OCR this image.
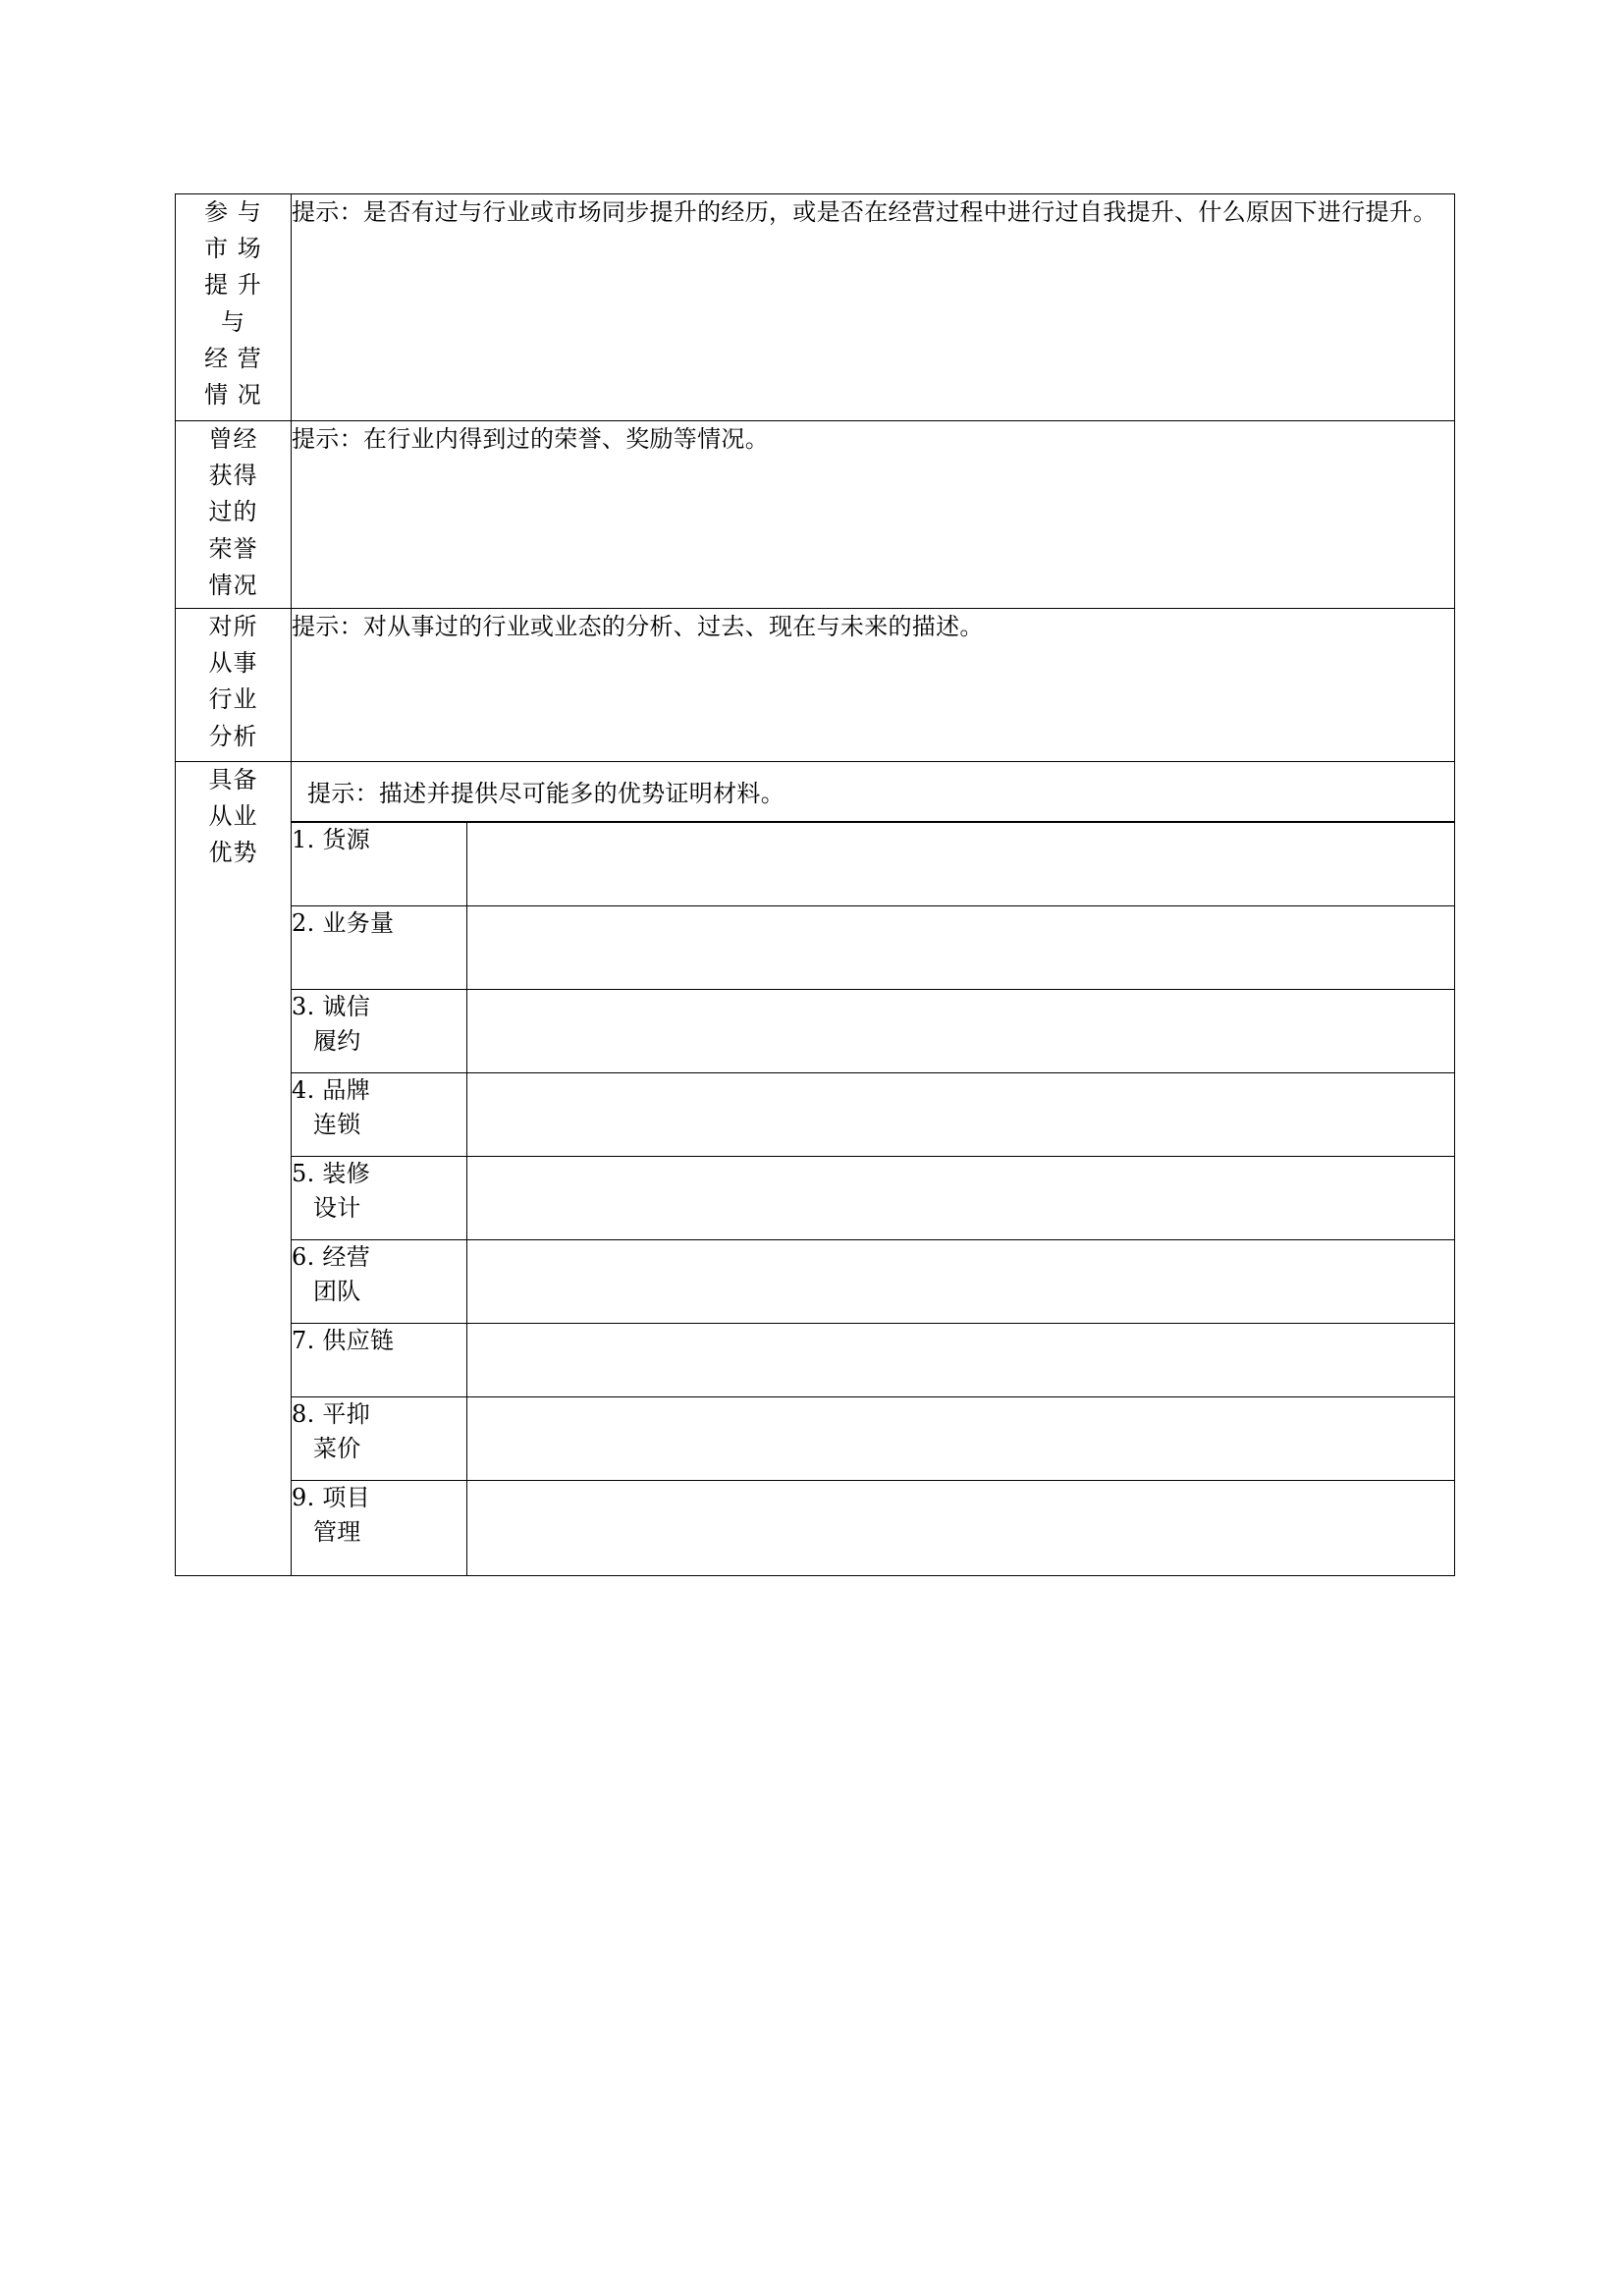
参 与
市 场
提 升
与
经 营
情 况
	提示：是否有过与行业或市场同步提升的经历，或是否在经营过程中进行过自我提升、什么原因下进行提升。

曾经
获得
过的
荣誉
情况
	提示：在行业内得到过的荣誉、奖励等情况。

对所
从事
行业
分析
	提示：对从事过的行业或业态的分析、过去、现在与未来的描述。

具备
从业
优势

提示：描述并提供尽可能多的优势证明材料。
1. 货源

2. 业务量

3. 诚信
履约

4. 品牌
连锁

5. 装修
设计

6. 经营
团队

7. 供应链

8. 平抑
菜价

9. 项目
管理
